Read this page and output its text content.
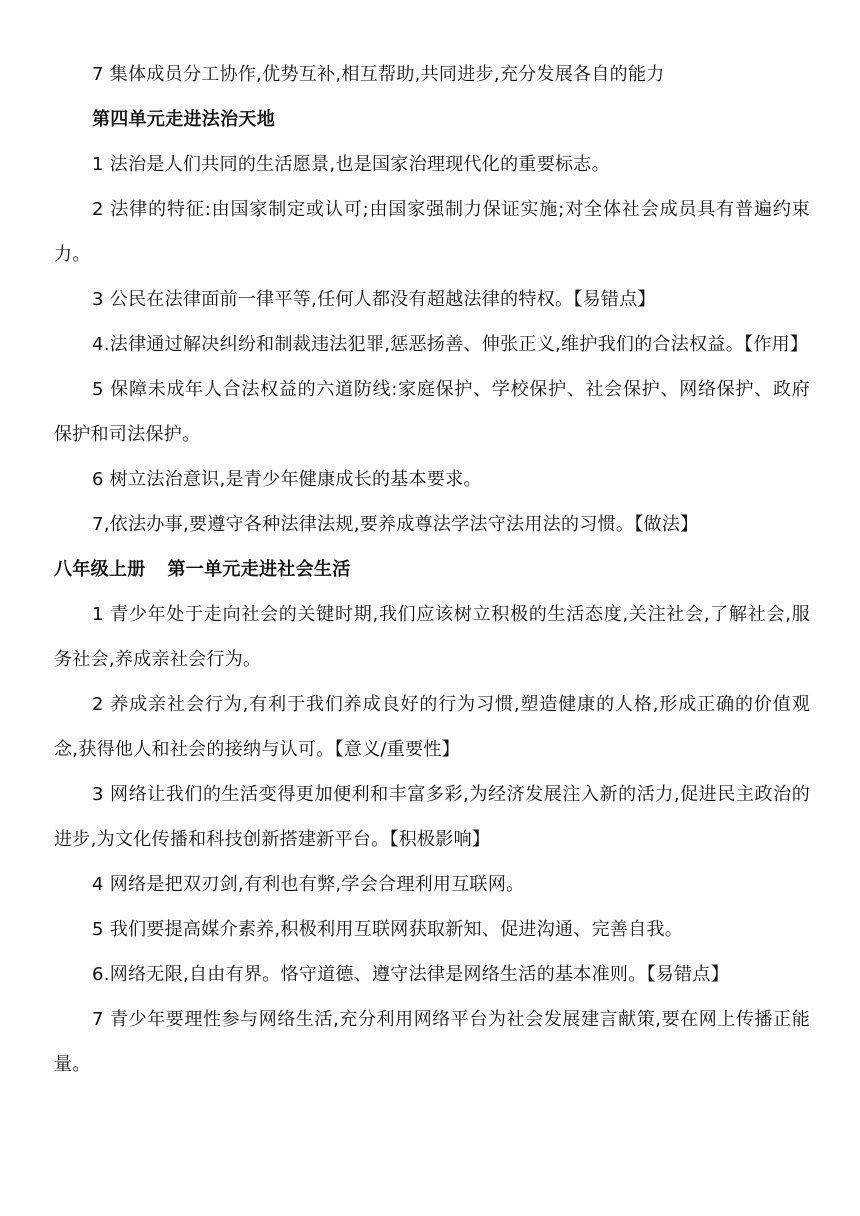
7 集体成员分工协作,优势互补,相互帮助,共同进步,充分发展各自的能力

第四单元走进法治天地

1 法治是人们共同的生活愿景,也是国家治理现代化的重要标志。

2 法律的特征:由国家制定或认可;由国家强制力保证实施;对全体社会成员具有普遍约束力。

3 公民在法律面前一律平等,任何人都没有超越法律的特权。【易错点】

4.法律通过解决纠纷和制裁违法犯罪,惩恶扬善、伸张正义,维护我们的合法权益。【作用】

5 保障未成年人合法权益的六道防线:家庭保护、学校保护、社会保护、网络保护、政府保护和司法保护。

6 树立法治意识,是青少年健康成长的基本要求。

7,依法办事,要遵守各种法律法规,要养成尊法学法守法用法的习惯。【做法】

八年级上册 第一单元走进社会生活

1 青少年处于走向社会的关键时期,我们应该树立积极的生活态度,关注社会,了解社会,服务社会,养成亲社会行为。

2 养成亲社会行为,有利于我们养成良好的行为习惯,塑造健康的人格,形成正确的价值观念,获得他人和社会的接纳与认可。【意义/重要性】

3 网络让我们的生活变得更加便利和丰富多彩,为经济发展注入新的活力,促进民主政治的进步,为文化传播和科技创新搭建新平台。【积极影响】

4 网络是把双刃剑,有利也有弊,学会合理利用互联网。

5 我们要提高媒介素养,积极利用互联网获取新知、促进沟通、完善自我。

6.网络无限,自由有界。恪守道德、遵守法律是网络生活的基本准则。【易错点】

7 青少年要理性参与网络生活,充分利用网络平台为社会发展建言献策,要在网上传播正能量。
